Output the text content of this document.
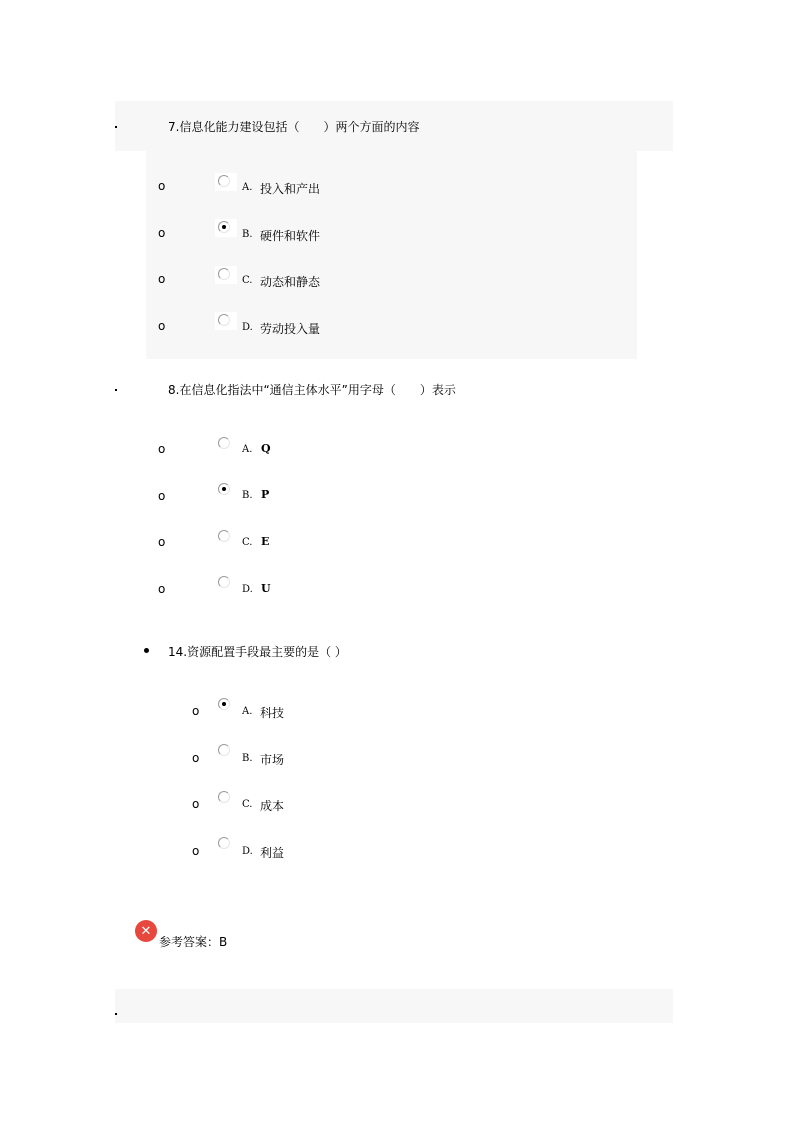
7.信息化能力建设包括（　　）两个方面的内容
o	A. 投入和产出
o	B. 硬件和软件
o	C. 动态和静态
o	D. 劳动投入量
8.在信息化指法中“通信主体水平”用字母（　　）表示
o	A. Q
o	B. P
o	C. E
o	D. U
14.资源配置手段最主要的是（ ）
o	A. 科技
o	B. 市场
o	C. 成本
o	D. 利益
✕
参考答案：B
